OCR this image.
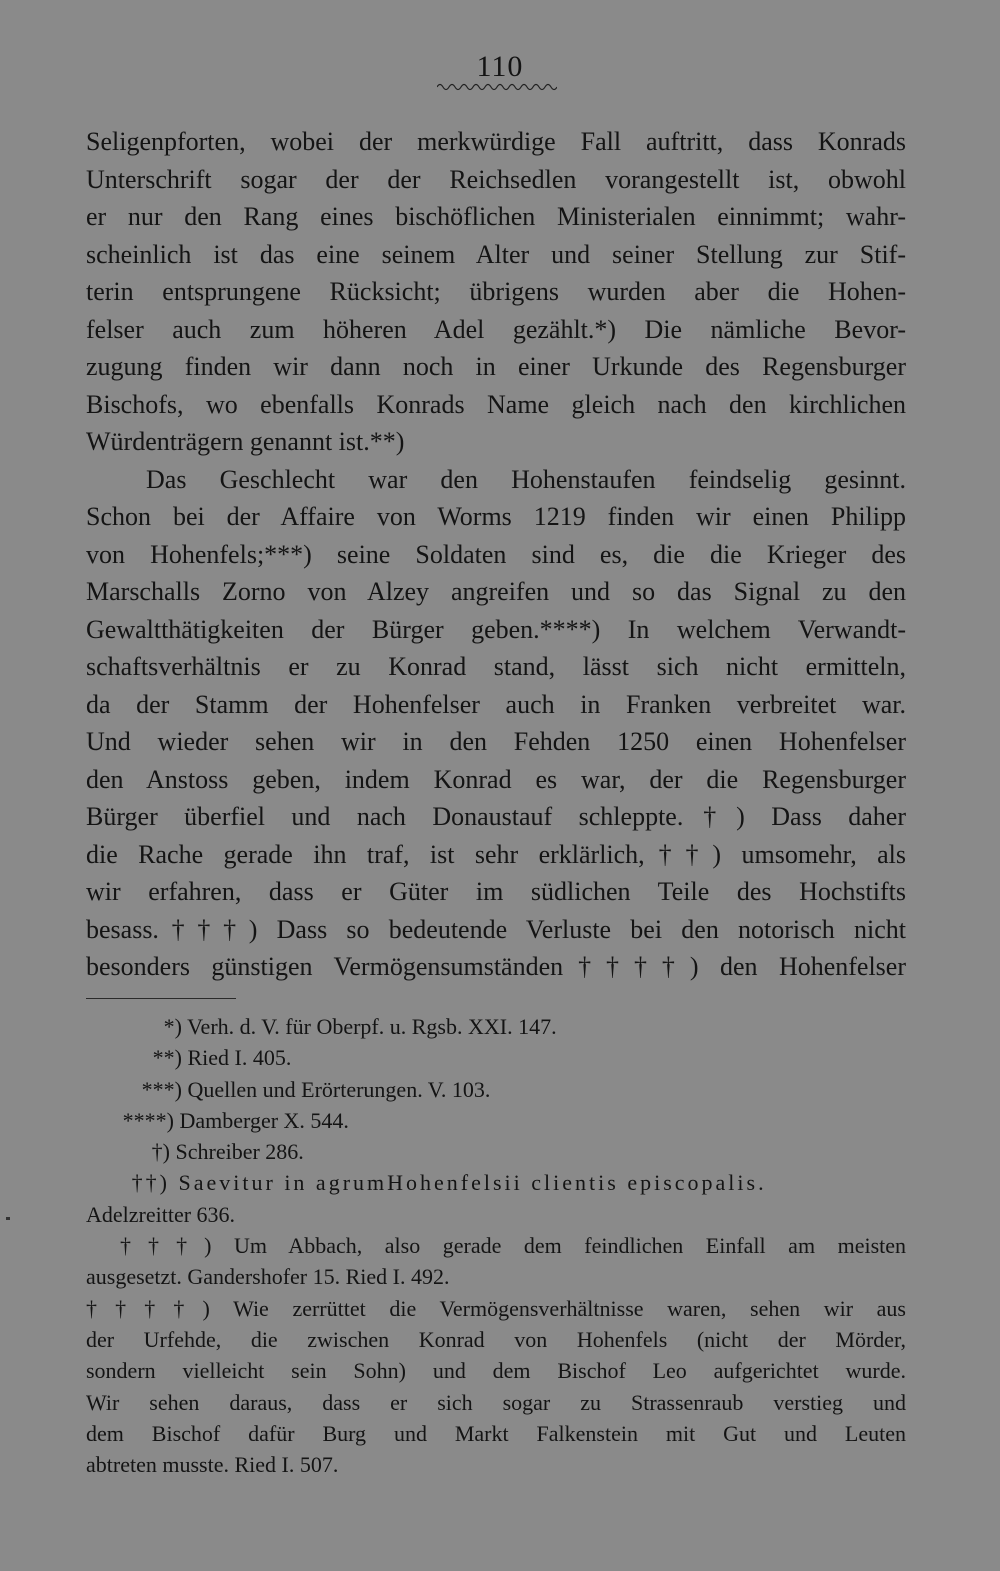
110
Seligenpforten, wobei der merkwürdige Fall auftritt, dass Konrads
Unterschrift sogar der der Reichsedlen vorangestellt ist, obwohl
er nur den Rang eines bischöflichen Ministerialen einnimmt; wahr-
scheinlich ist das eine seinem Alter und seiner Stellung zur Stif-
terin entsprungene Rücksicht; übrigens wurden aber die Hohen-
felser auch zum höheren Adel gezählt.*) Die nämliche Bevor-
zugung finden wir dann noch in einer Urkunde des Regensburger
Bischofs, wo ebenfalls Konrads Name gleich nach den kirchlichen
Würdenträgern genannt ist.**)
Das Geschlecht war den Hohenstaufen feindselig gesinnt.
Schon bei der Affaire von Worms 1219 finden wir einen Philipp
von Hohenfels;***) seine Soldaten sind es, die die Krieger des
Marschalls Zorno von Alzey angreifen und so das Signal zu den
Gewaltthätigkeiten der Bürger geben.****) In welchem Verwandt-
schaftsverhältnis er zu Konrad stand, lässt sich nicht ermitteln,
da der Stamm der Hohenfelser auch in Franken verbreitet war.
Und wieder sehen wir in den Fehden 1250 einen Hohenfelser
den Anstoss geben, indem Konrad es war, der die Regensburger
Bürger überfiel und nach Donaustauf schleppte.†) Dass daher
die Rache gerade ihn traf, ist sehr erklärlich,††) umsomehr, als
wir erfahren, dass er Güter im südlichen Teile des Hochstifts
besass.†††) Dass so bedeutende Verluste bei den notorisch nicht
besonders günstigen Vermögensumständen††††) den Hohenfelser
*) Verh. d. V. für Oberpf. u. Rgsb. XXI. 147.
**) Ried I. 405.
***) Quellen und Erörterungen. V. 103.
****) Damberger X. 544.
†) Schreiber 286.
††) Saevitur in agrumHohenfelsii clientis episcopalis.
Adelzreitter 636.
†††) Um Abbach, also gerade dem feindlichen Einfall am meisten
ausgesetzt. Gandershofer 15. Ried I. 492.
††††) Wie zerrüttet die Vermögensverhältnisse waren, sehen wir aus
der Urfehde, die zwischen Konrad von Hohenfels (nicht der Mörder,
sondern vielleicht sein Sohn) und dem Bischof Leo aufgerichtet wurde.
Wir sehen daraus, dass er sich sogar zu Strassenraub verstieg und
dem Bischof dafür Burg und Markt Falkenstein mit Gut und Leuten
abtreten musste. Ried I. 507.
